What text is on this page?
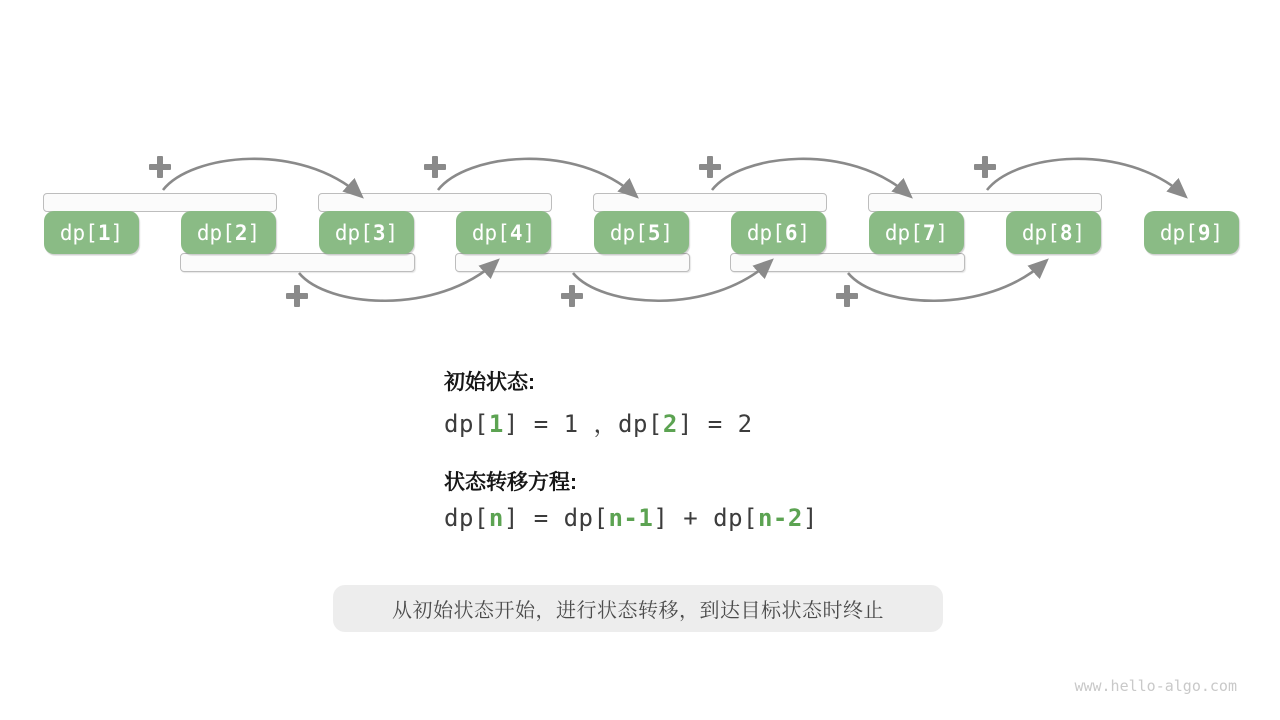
dp[ 1 ]	dp[ 2 ]	dp[ 3 ]	dp[ 4 ]	dp[ 5 ]	dp[ 6 ]	dp[ 7 ]	dp[ 8 ]	dp[ 9 ]
初始状态:
dp[1] = 1 ，dp[2] = 2
状态转移方程:
dp[n] = dp[n-1] + dp[n-2]
从初始状态开始，进行状态转移，到达目标状态时终止
www.hello-algo.com
